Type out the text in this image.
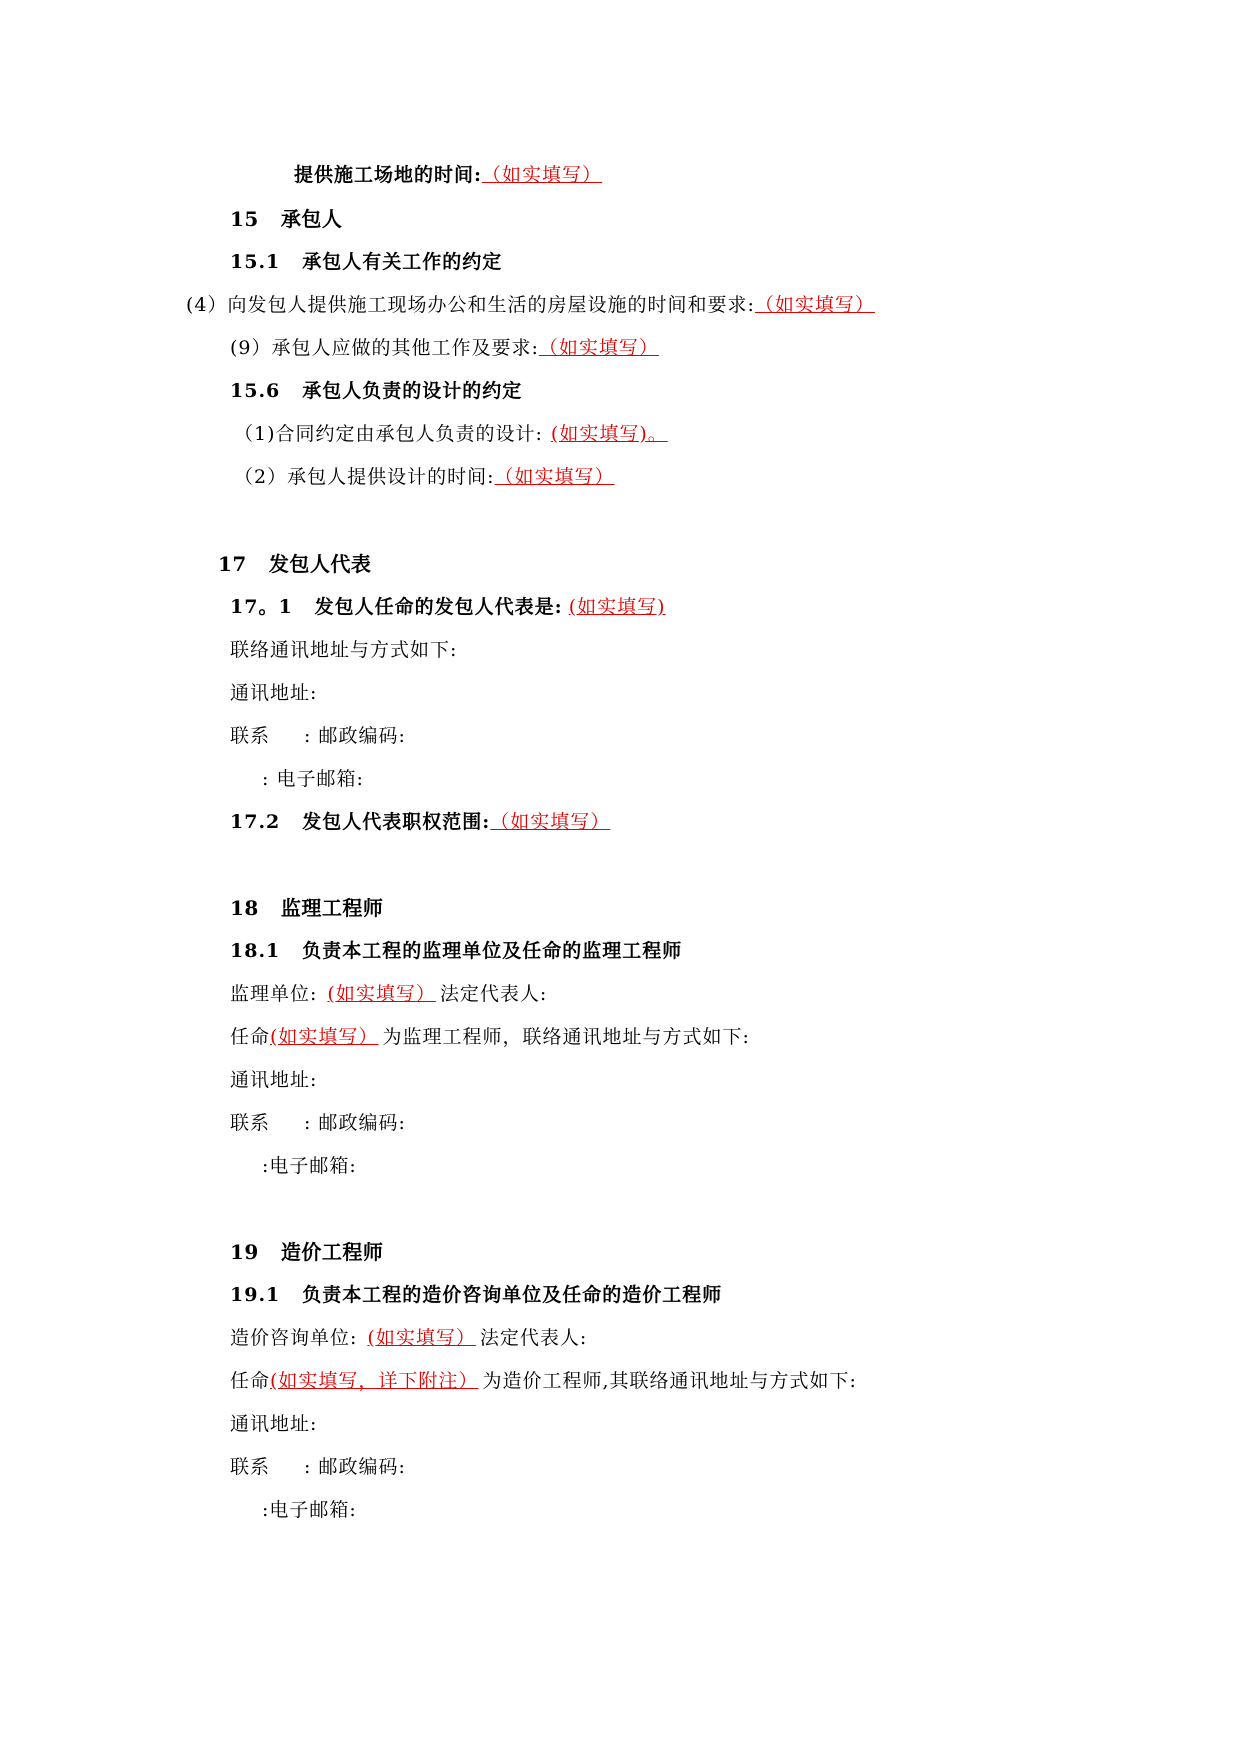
提供施工场地的时间:（如实填写）
15 承包人
15.1 承包人有关工作的约定
(4）向发包人提供施工现场办公和生活的房屋设施的时间和要求:（如实填写）
(9）承包人应做的其他工作及要求:（如实填写）
15.6 承包人负责的设计的约定
（1)合同约定由承包人负责的设计: (如实填写)。
（2）承包人提供设计的时间:（如实填写）
17 发包人代表
17。1 发包人任命的发包人代表是: (如实填写)
联络通讯地址与方式如下:
通讯地址:
联系 : 邮政编码:
: 电子邮箱:
17.2 发包人代表职权范围:（如实填写）
18 监理工程师
18.1 负责本工程的监理单位及任命的监理工程师
监理单位: (如实填写） 法定代表人:
任命(如实填写） 为监理工程师，联络通讯地址与方式如下:
通讯地址:
联系 : 邮政编码:
:电子邮箱:
19 造价工程师
19.1 负责本工程的造价咨询单位及任命的造价工程师
造价咨询单位: (如实填写） 法定代表人:
任命(如实填写，详下附注） 为造价工程师,其联络通讯地址与方式如下:
通讯地址:
联系 : 邮政编码:
:电子邮箱:
